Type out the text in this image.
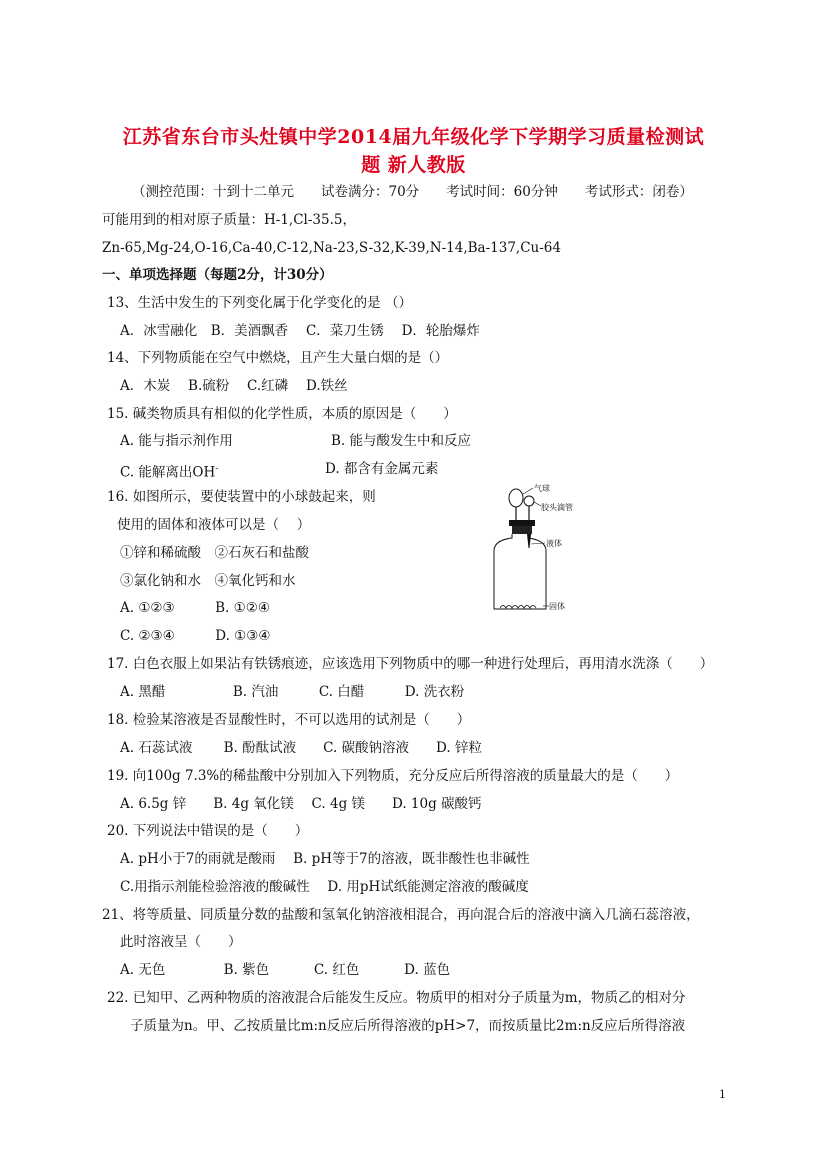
江苏省东台市头灶镇中学2014届九年级化学下学期学习质量检测试
题 新人教版
（测控范围：十到十二单元　　试卷满分：70分　　考试时间：60分钟　　考试形式：闭卷）
可能用到的相对原子质量：H-1,Cl-35.5，
Zn-65,Mg-24,O-16,Ca-40,C-12,Na-23,S-32,K-39,N-14,Ba-137,Cu-64
一、单项选择题（每题2分，计30分）
13、生活中发生的下列变化属于化学变化的是 （）
A．冰雪融化　B．美酒飘香　 C．菜刀生锈　 D．轮胎爆炸
14、下列物质能在空气中燃烧，且产生大量白烟的是（）
A．木炭　 B.硫粉　 C.红磷　 D.铁丝
15. 碱类物质具有相似的化学性质，本质的原因是（　　）
A. 能与指示剂作用	B. 能与酸发生中和反应
C. 能解离出OH-	D. 都含有金属元素
16. 如图所示，要使装置中的小球鼓起来，则
使用的固体和液体可以是（　 ）
①锌和稀硫酸　②石灰石和盐酸
③氯化钠和水　④氧化钙和水
A. ①②③　　　B. ①②④
C. ②③④　　　D. ①③④
气球
胶头滴管
液体
固体
17. 白色衣服上如果沾有铁锈痕迹，应该选用下列物质中的哪一种进行处理后，再用清水洗涤（　　）
A. 黑醋　　　　　B. 汽油　　　C. 白醋　　　D. 洗衣粉
18. 检验某溶液是否显酸性时，不可以选用的试剂是（　　）
A. 石蕊试液　　 B. 酚酞试液　　C. 碳酸钠溶液　　D. 锌粒
19. 向100g 7.3%的稀盐酸中分别加入下列物质，充分反应后所得溶液的质量最大的是（　　）
A. 6.5g 锌　　B. 4g 氧化镁　 C. 4g 镁　　D. 10g 碳酸钙
20. 下列说法中错误的是（　　）
A. pH小于7的雨就是酸雨　 B. pH等于7的溶液，既非酸性也非碱性
C.用指示剂能检验溶液的酸碱性　 D. 用pH试纸能测定溶液的酸碱度
21、将等质量、同质量分数的盐酸和氢氧化钠溶液相混合，再向混合后的溶液中滴入几滴石蕊溶液，
此时溶液呈（　　）
A. 无色　　　　 B. 紫色　　　 C. 红色　　　 D. 蓝色
22. 已知甲、乙两种物质的溶液混合后能发生反应。物质甲的相对分子质量为m，物质乙的相对分
子质量为n。甲、乙按质量比m:n反应后所得溶液的pH>7，而按质量比2m:n反应后所得溶液
1
